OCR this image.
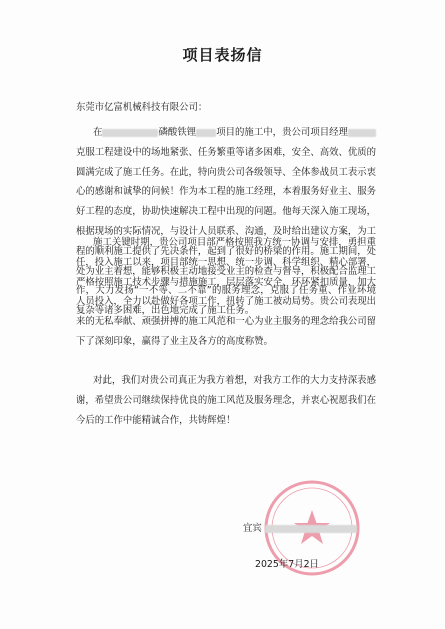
项目表扬信
东莞市亿富机械科技有限公司：

在	磷酸铁锂 项目的施工中，贵公司项目经理克服工程建设中的场地紧张、任务繁重等诸多困难，安全、高效、优质的圆满完成了施工任务。在此，特向贵公司各级领导、全体参战员工表示衷心的感谢和诚挚的问候！作为本工程的施工经理，本着服务好业主、服务好工程的态度，协助快速解决工程中出现的问题。他每天深入施工现场，根据现场的实际情况，与设计人员联系、沟通，及时给出建议方案，为工程的顺利施工提供了先决条件，起到了很好的桥梁的作用。施工期间，处处为业主着想，能够积极主动地接受业主的检查与督导，积极配合监理工作，大力发扬“一不等、二不靠”的服务理念，克服了任务重、作业环境复杂等诸多困难，出色地完成了施工任务。

施工关键时期，贵公司项目部严格按照我方统一协调与安排，勇担重任，投入施工以来，项目部统一思想、统一步调、科学组织、精心部署，严格按照施工技术步骤与措施施工，层层落实安全、环环紧扣质量，加大人员投入，全力以赴做好各项工作，扭转了施工被动局势。贵公司表现出来的无私奉献、顽强拼搏的施工风范和一心为业主服务的理念给我公司留下了深刻印象，赢得了业主及各方的高度称赞。

对此，我们对贵公司真正为我方着想，对我方工作的大力支持深表感谢，希望贵公司继续保持优良的施工风范及服务理念，并衷心祝愿我们在今后的工作中能精诚合作，共铸辉煌！

宜宾
2025年7月2日
